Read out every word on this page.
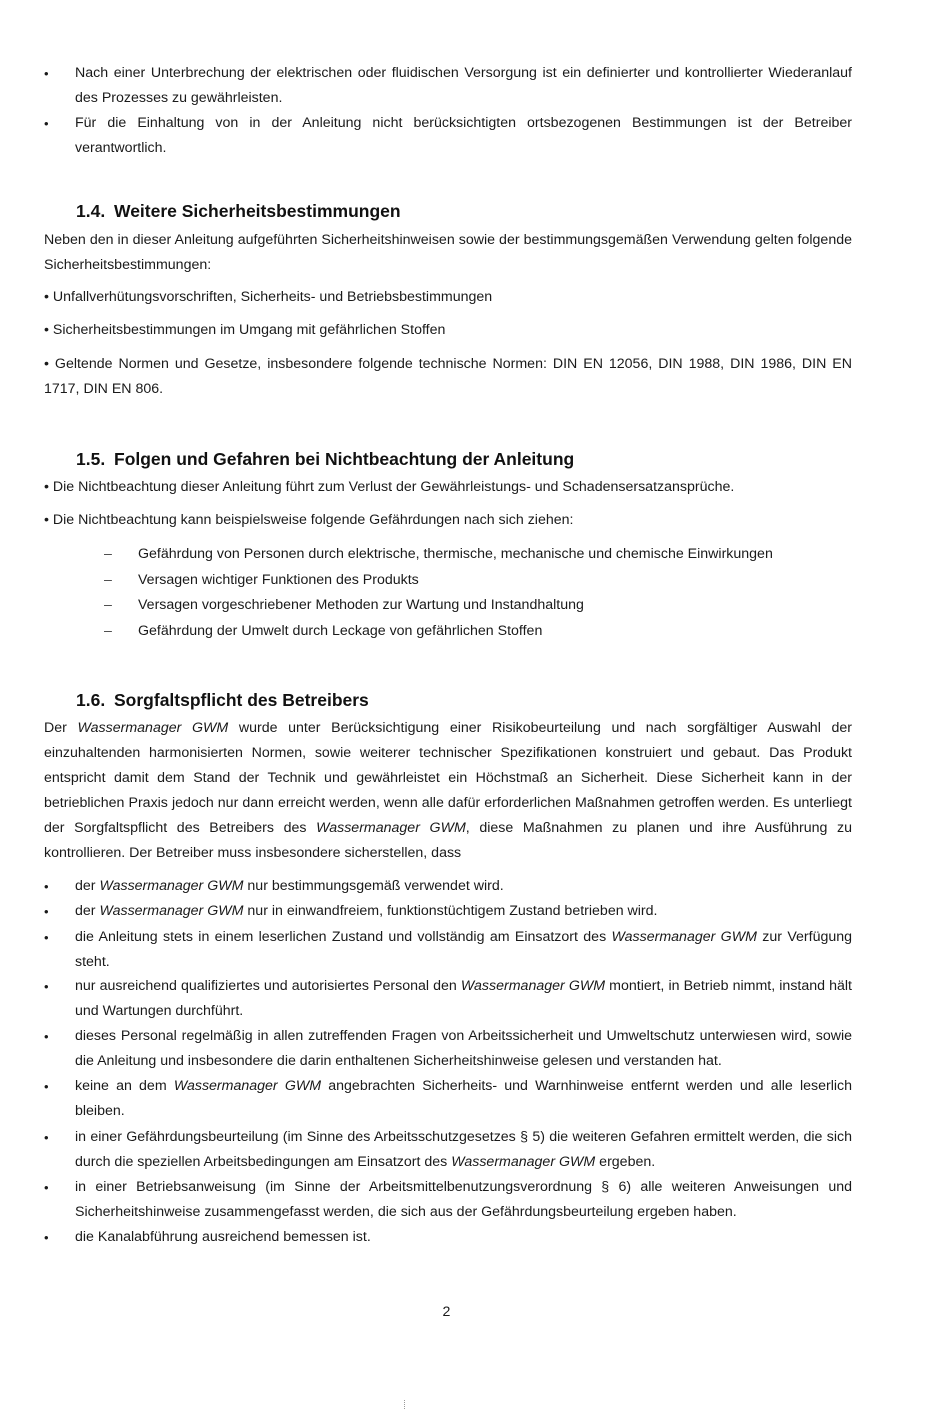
•	Nach einer Unterbrechung der elektrischen oder fluidischen Versorgung ist ein definierter und kontrollierter Wiederanlauf des Prozesses zu gewährleisten.
•	Für die Einhaltung von in der Anleitung nicht berücksichtigten ortsbezogenen Bestimmungen ist der Betreiber verantwortlich.
1.4. Weitere Sicherheitsbestimmungen
Neben den in dieser Anleitung aufgeführten Sicherheitshinweisen sowie der bestimmungsgemäßen Verwendung gelten folgende Sicherheitsbestimmungen:
• Unfallverhütungsvorschriften, Sicherheits- und Betriebsbestimmungen
• Sicherheitsbestimmungen im Umgang mit gefährlichen Stoffen
• Geltende Normen und Gesetze, insbesondere folgende technische Normen: DIN EN 12056, DIN 1988, DIN 1986, DIN EN 1717, DIN EN 806.
1.5. Folgen und Gefahren bei Nichtbeachtung der Anleitung
• Die Nichtbeachtung dieser Anleitung führt zum Verlust der Gewährleistungs- und Schadensersatzansprüche.
• Die Nichtbeachtung kann beispielsweise folgende Gefährdungen nach sich ziehen:
– Gefährdung von Personen durch elektrische, thermische, mechanische und chemische Einwirkungen
– Versagen wichtiger Funktionen des Produkts
– Versagen vorgeschriebener Methoden zur Wartung und Instandhaltung
– Gefährdung der Umwelt durch Leckage von gefährlichen Stoffen
1.6. Sorgfaltspflicht des Betreibers
Der Wassermanager GWM wurde unter Berücksichtigung einer Risikobeurteilung und nach sorgfältiger Auswahl der einzuhaltenden harmonisierten Normen, sowie weiterer technischer Spezifikationen konstruiert und gebaut. Das Produkt entspricht damit dem Stand der Technik und gewährleistet ein Höchstmaß an Sicherheit. Diese Sicherheit kann in der betrieblichen Praxis jedoch nur dann erreicht werden, wenn alle dafür erforderlichen Maßnahmen getroffen werden. Es unterliegt der Sorgfaltspflicht des Betreibers des Wassermanager GWM, diese Maßnahmen zu planen und ihre Ausführung zu kontrollieren. Der Betreiber muss insbesondere sicherstellen, dass
•	der Wassermanager GWM nur bestimmungsgemäß verwendet wird.
•	der Wassermanager GWM nur in einwandfreiem, funktionstüchtigem Zustand betrieben wird.
•	die Anleitung stets in einem leserlichen Zustand und vollständig am Einsatzort des Wassermanager GWM zur Verfügung steht.
•	nur ausreichend qualifiziertes und autorisiertes Personal den Wassermanager GWM montiert, in Betrieb nimmt, instand hält und Wartungen durchführt.
•	dieses Personal regelmäßig in allen zutreffenden Fragen von Arbeitssicherheit und Umweltschutz unterwiesen wird, sowie die Anleitung und insbesondere die darin enthaltenen Sicherheitshinweise gelesen und verstanden hat.
•	keine an dem Wassermanager GWM angebrachten Sicherheits- und Warnhinweise entfernt werden und alle leserlich bleiben.
•	in einer Gefährdungsbeurteilung (im Sinne des Arbeitsschutzgesetzes § 5) die weiteren Gefahren ermittelt werden, die sich durch die speziellen Arbeitsbedingungen am Einsatzort des Wassermanager GWM ergeben.
•	in einer Betriebsanweisung (im Sinne der Arbeitsmittelbenutzungsverordnung § 6) alle weiteren Anweisungen und Sicherheitshinweise zusammengefasst werden, die sich aus der Gefährdungsbeurteilung ergeben haben.
•	die Kanalabführung ausreichend bemessen ist.
2
